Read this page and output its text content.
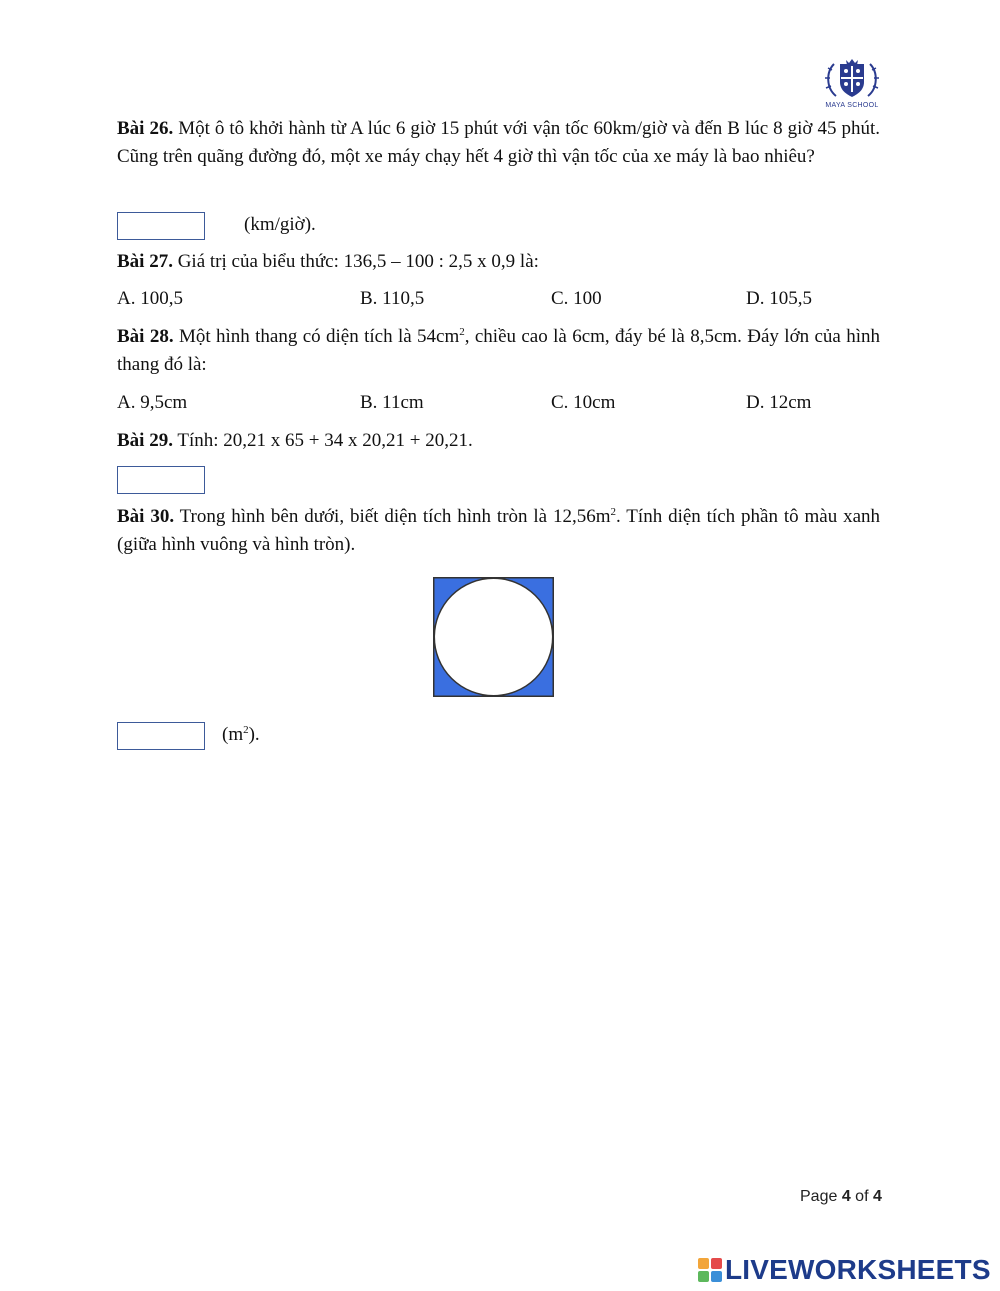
MAYA SCHOOL
Bài 26. Một ô tô khởi hành từ A lúc 6 giờ 15 phút với vận tốc 60km/giờ và đến B lúc 8 giờ 45 phút. Cũng trên quãng đường đó, một xe máy chạy hết 4 giờ thì vận tốc của xe máy là bao nhiêu?
(km/giờ).
Bài 27. Giá trị của biểu thức: 136,5 – 100 : 2,5 x 0,9 là:
A. 100,5	B. 110,5	C. 100	D. 105,5
Bài 28. Một hình thang có diện tích là $54cm^2$, chiều cao là 6cm, đáy bé là 8,5cm. Đáy lớn của hình thang đó là:
A. 9,5cm	B. 11cm	C. 10cm	D. 12cm
Bài 29. Tính: 20,21 x 65 + 34 x 20,21 + 20,21.
Bài 30. Trong hình bên dưới, biết diện tích hình tròn là $12,56m^2$. Tính diện tích phần tô màu xanh (giữa hình vuông và hình tròn).
$(m^2)$.
Page 4 of 4
LIVEWORKSHEETS
